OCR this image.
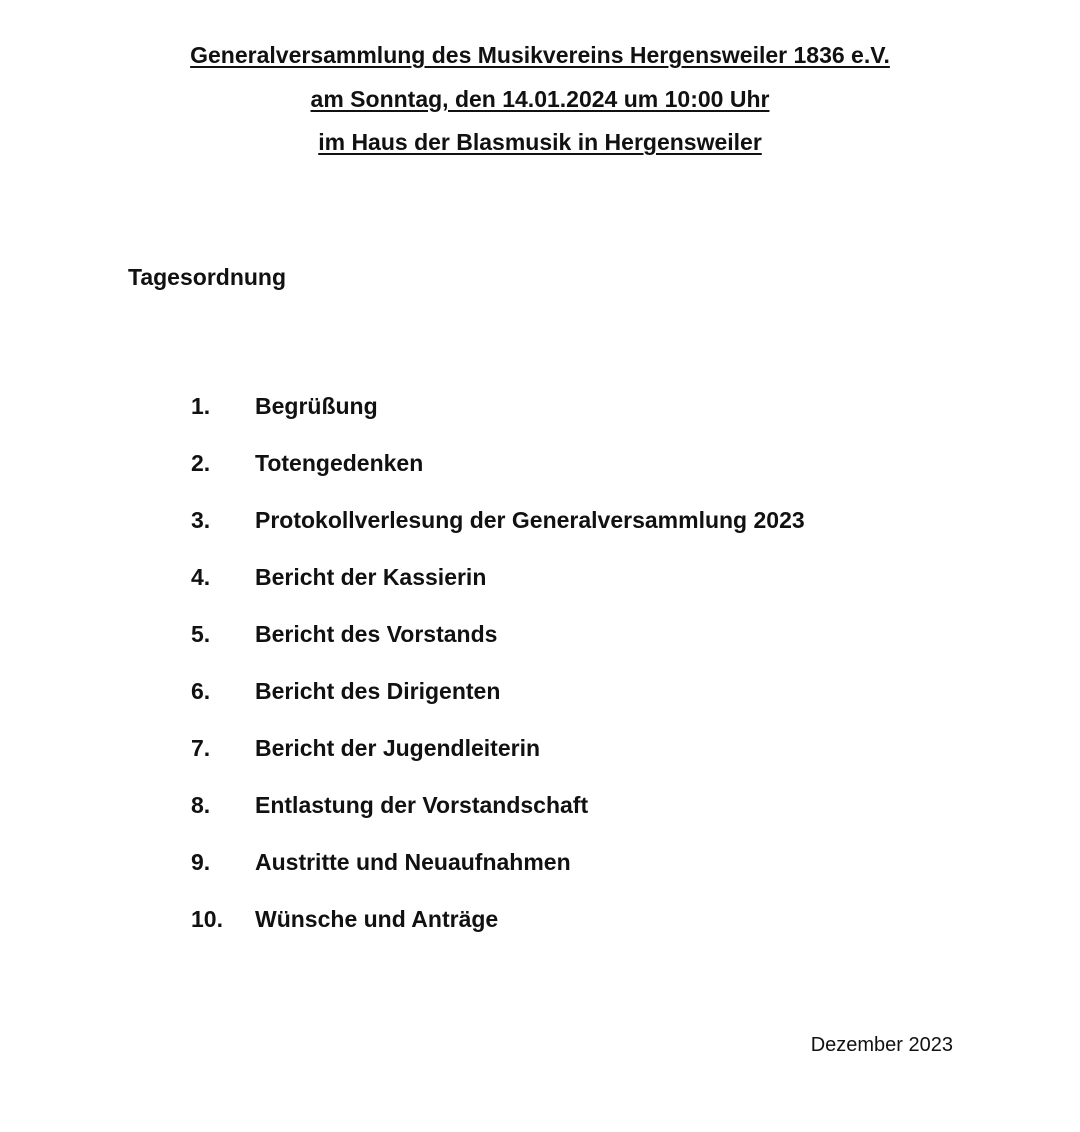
Generalversammlung des Musikvereins Hergensweiler 1836 e.V.
am Sonntag, den 14.01.2024 um 10:00 Uhr
im Haus der Blasmusik in Hergensweiler
Tagesordnung
1. Begrüßung
2. Totengedenken
3. Protokollverlesung der Generalversammlung 2023
4. Bericht der Kassierin
5. Bericht des Vorstands
6. Bericht des Dirigenten
7. Bericht der Jugendleiterin
8. Entlastung der Vorstandschaft
9. Austritte und Neuaufnahmen
10. Wünsche und Anträge
Dezember 2023
